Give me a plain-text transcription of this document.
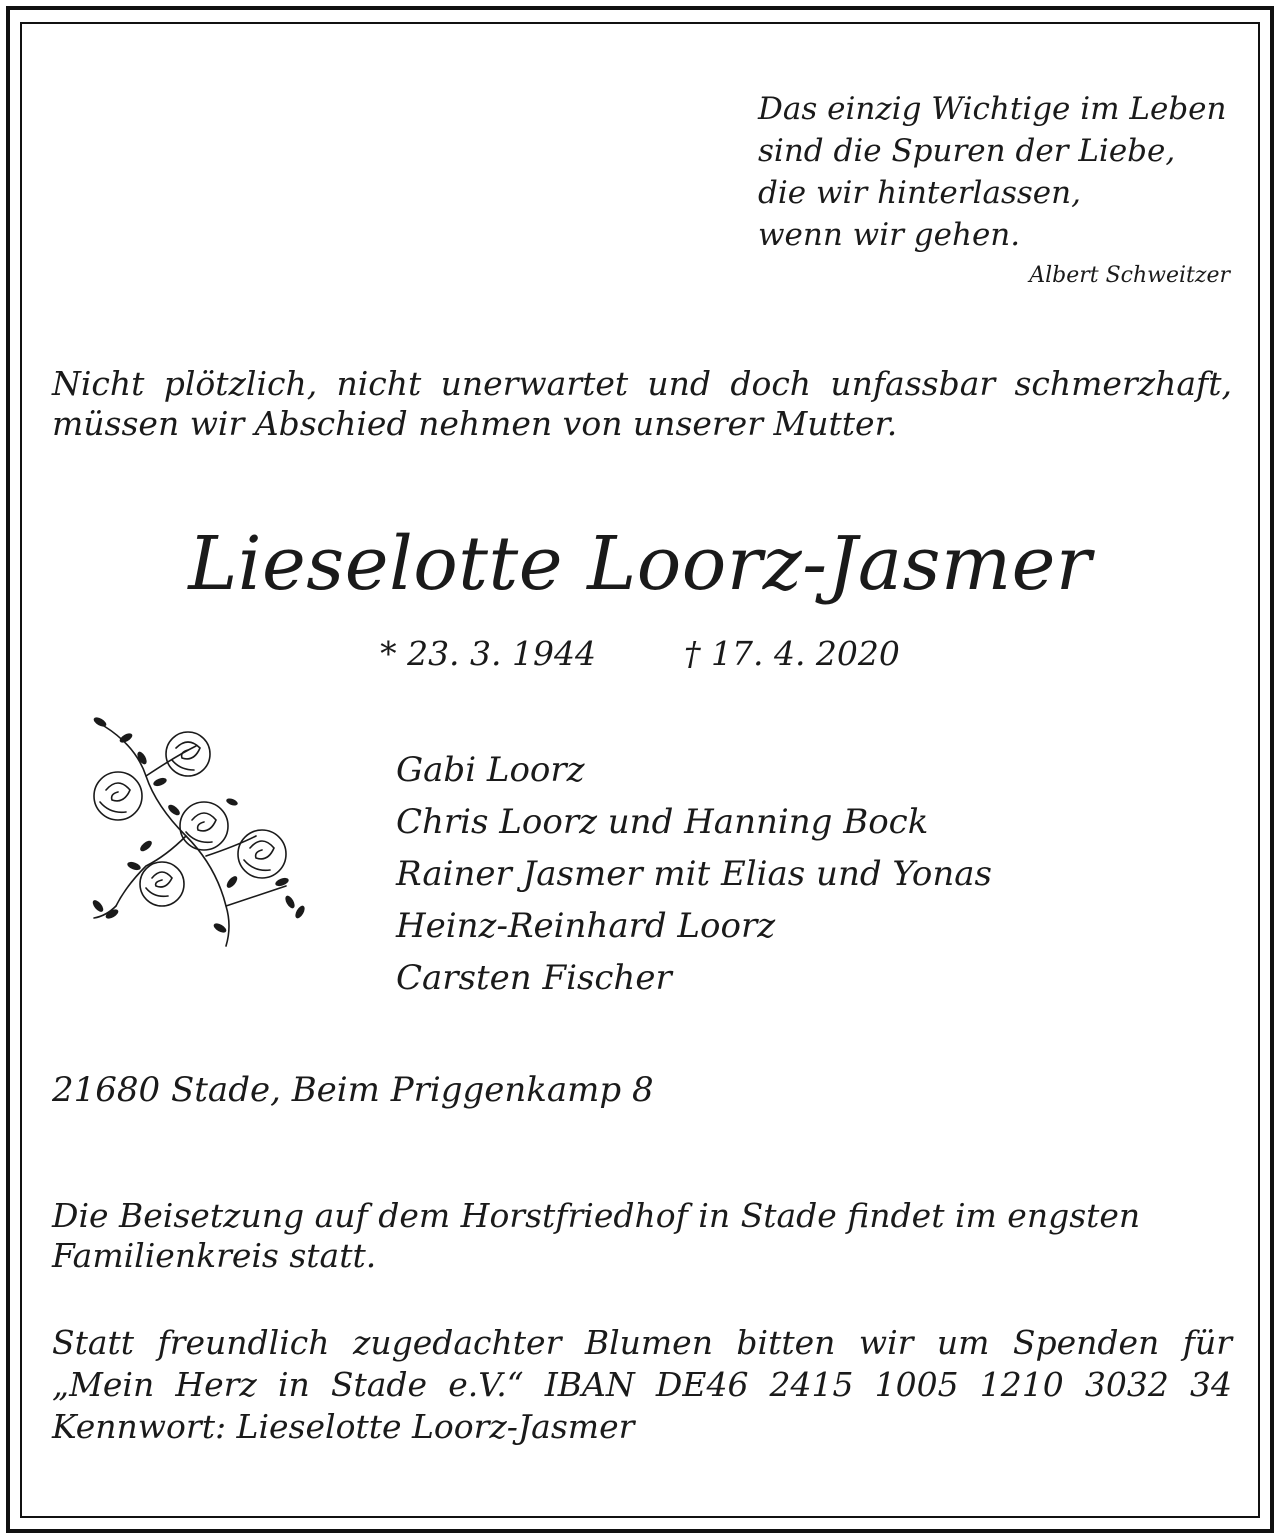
Das einzig Wichtige im Leben
sind die Spuren der Liebe,
die wir hinterlassen,
wenn wir gehen.
Albert Schweitzer
Nicht plötzlich, nicht unerwartet und doch unfassbar schmerzhaft,
müssen wir Abschied nehmen von unserer Mutter.
Lieselotte Loorz-Jasmer
* 23. 3. 1944	† 17. 4. 2020
Gabi Loorz
Chris Loorz und Hanning Bock
Rainer Jasmer mit Elias und Yonas
Heinz-Reinhard Loorz
Carsten Fischer
21680 Stade, Beim Priggenkamp 8
Die Beisetzung auf dem Horstfriedhof in Stade findet im engsten
Familienkreis statt.
Statt freundlich zugedachter Blumen bitten wir um Spenden für
„Mein Herz in Stade e.V.“ IBAN DE46 2415 1005 1210 3032 34
Kennwort: Lieselotte Loorz-Jasmer
